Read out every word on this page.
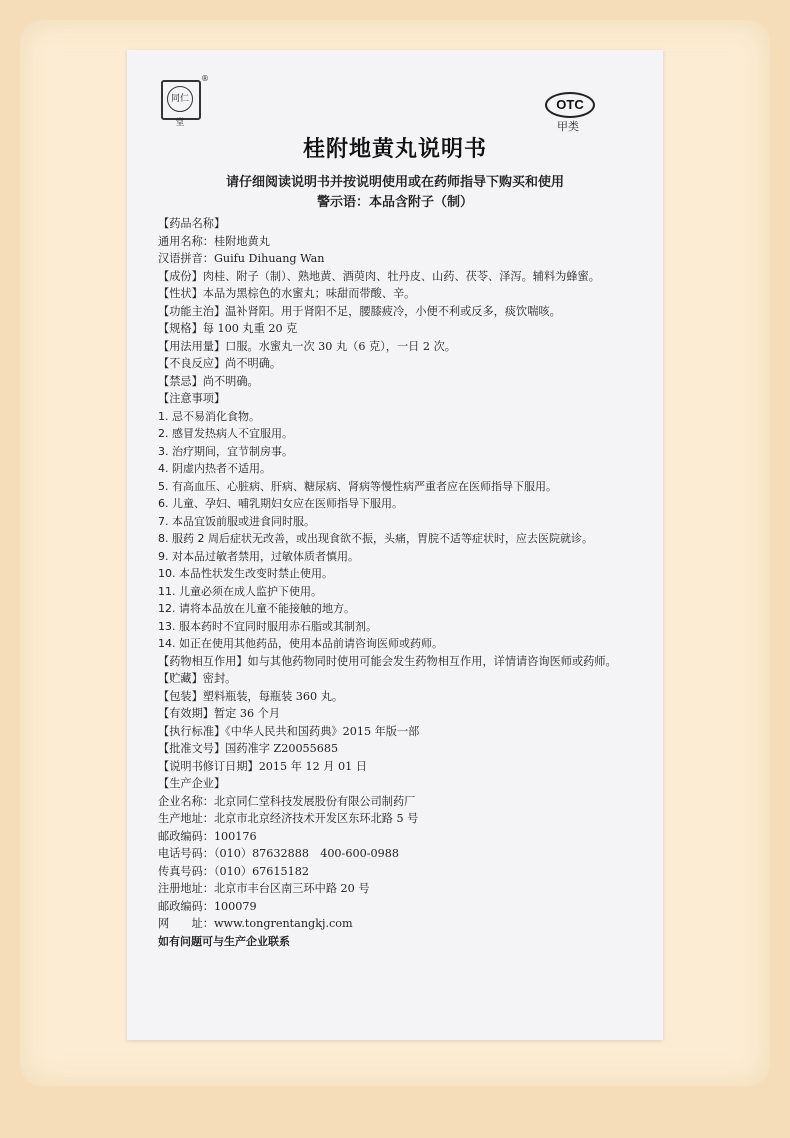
同仁堂
®
OTC
甲类
桂附地黄丸说明书
请仔细阅读说明书并按说明使用或在药师指导下购买和使用
警示语：本品含附子（制）
【药品名称】
通用名称：桂附地黄丸
汉语拼音：Guifu Dihuang Wan
【成份】肉桂、附子（制）、熟地黄、酒萸肉、牡丹皮、山药、茯苓、泽泻。辅料为蜂蜜。
【性状】本品为黑棕色的水蜜丸；味甜而带酸、辛。
【功能主治】温补肾阳。用于肾阳不足，腰膝疲冷，小便不利或反多，痰饮喘咳。
【规格】每 100 丸重 20 克
【用法用量】口服。水蜜丸一次 30 丸（6 克），一日 2 次。
【不良反应】尚不明确。
【禁忌】尚不明确。
【注意事项】
1. 忌不易消化食物。
2. 感冒发热病人不宜服用。
3. 治疗期间，宜节制房事。
4. 阴虚内热者不适用。
5. 有高血压、心脏病、肝病、糖尿病、肾病等慢性病严重者应在医师指导下服用。
6. 儿童、孕妇、哺乳期妇女应在医师指导下服用。
7. 本品宜饭前服或进食同时服。
8. 服药 2 周后症状无改善，或出现食欲不振，头痛，胃脘不适等症状时，应去医院就诊。
9. 对本品过敏者禁用，过敏体质者慎用。
10. 本品性状发生改变时禁止使用。
11. 儿童必须在成人监护下使用。
12. 请将本品放在儿童不能接触的地方。
13. 服本药时不宜同时服用赤石脂或其制剂。
14. 如正在使用其他药品，使用本品前请咨询医师或药师。
【药物相互作用】如与其他药物同时使用可能会发生药物相互作用，详情请咨询医师或药师。
【贮藏】密封。
【包装】塑料瓶装，每瓶装 360 丸。
【有效期】暂定 36 个月
【执行标准】《中华人民共和国药典》2015 年版一部
【批准文号】国药准字 Z20055685
【说明书修订日期】2015 年 12 月 01 日
【生产企业】
企业名称：北京同仁堂科技发展股份有限公司制药厂
生产地址：北京市北京经济技术开发区东环北路 5 号
邮政编码：100176
电话号码：（010）87632888　400-600-0988
传真号码：（010）67615182
注册地址：北京市丰台区南三环中路 20 号
邮政编码：100079
网　　址：www.tongrentangkj.com
如有问题可与生产企业联系
